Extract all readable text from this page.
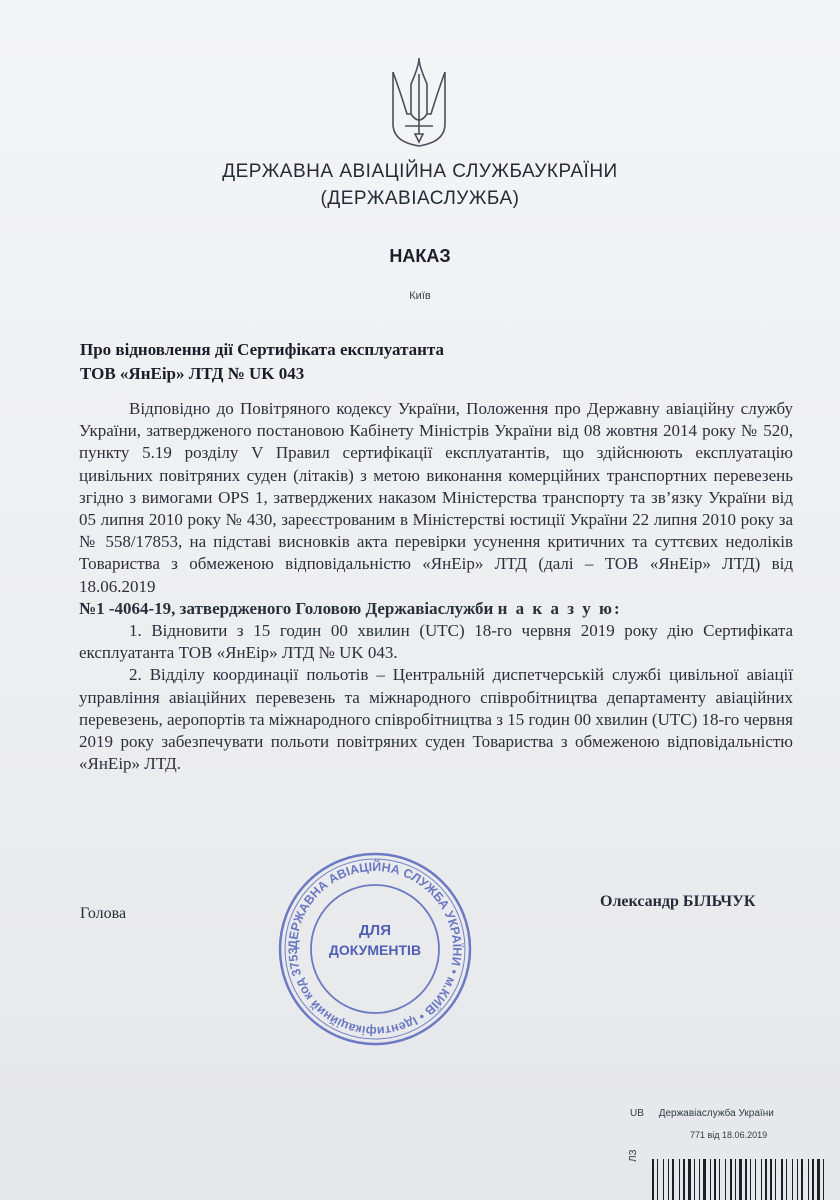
ДЕРЖАВНА АВІАЦІЙНА СЛУЖБАУКРАЇНИ
(ДЕРЖАВІАСЛУЖБА)
НАКАЗ
Київ
Про відновлення дії Сертифіката експлуатанта
ТОВ «ЯнЕір» ЛТД № UK 043

Відповідно до Повітряного кодексу України, Положення про Державну авіаційну службу України, затвердженого постановою Кабінету Міністрів України від 08 жовтня 2014 року № 520, пункту 5.19 розділу V Правил сертифікації експлуатантів, що здійснюють експлуатацію цивільних повітряних суден (літаків) з метою виконання комерційних транспортних перевезень згідно з вимогами OPS 1, затверджених наказом Міністерства транспорту та зв’язку України від 05 липня 2010 року № 430, зареєстрованим в Міністерстві юстиції України 22 липня 2010 року за № 558/17853, на підставі висновків акта перевірки усунення критичних та суттєвих недоліків Товариства з обмеженою відповідальністю «ЯнЕір» ЛТД (далі – ТОВ «ЯнЕір» ЛТД) від 18.06.2019

№1 -4064-19, затвердженого Головою Державіаслужби н а к а з у ю:

1. Відновити з 15 годин 00 хвилин (UTC) 18-го червня 2019 року дію Сертифіката експлуатанта ТОВ «ЯнЕір» ЛТД № UK 043.

2. Відділу координації польотів – Центральній диспетчерській службі цивільної авіації управління авіаційних перевезень та міжнародного співробітництва департаменту авіаційних перевезень, аеропортів та міжнародного співробітництва з 15 годин 00 хвилин (UTC) 18-го червня 2019 року забезпечувати польоти повітряних суден Товариства з обмеженою відповідальністю «ЯнЕір» ЛТД.

Голова
Олександр БІЛЬЧУК
ДЕРЖАВНА АВІАЦІЙНА СЛУЖБА УКРАЇНИ • м.КИЇВ • Ідентифікаційний код 3753
ДЛЯ
ДОКУМЕНТІВ
UB Державіаслужба України
771 від 18.06.2019
ЛЗ
